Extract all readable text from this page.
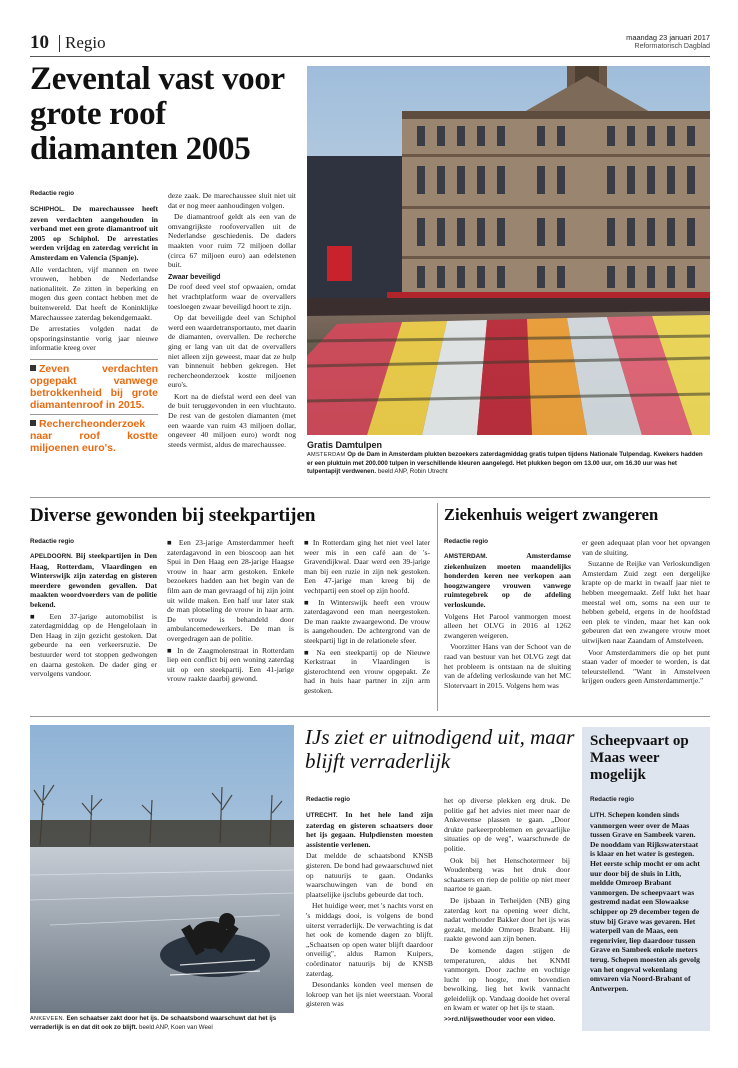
10 Regio	maandag 23 januari 2017
Reformatorisch Dagblad
Zevental vast voor grote roof diamanten 2005
Redactie regio

SCHIPHOL. De marechaussee heeft zeven verdachten aangehouden in verband met een grote diamantroof uit 2005 op Schiphol. De arrestaties werden vrijdag en zaterdag verricht in Amsterdam en Valencia (Spanje).

Alle verdachten, vijf mannen en twee vrouwen, hebben de Nederlandse nationaliteit. Ze zitten in beperking en mogen dus geen contact hebben met de buitenwereld. Dat heeft de Koninklijke Marechaussee zaterdag bekendgemaakt.

De arrestaties volgden nadat de opsporingsinstantie vorig jaar nieuwe informatie kreeg over

Zeven verdachten opgepakt vanwege betrokkenheid bij grote diamantenroof in 2015.
Rechercheonderzoek naar roof kostte miljoenen euro's.

deze zaak. De marechaussee sluit niet uit dat er nog meer aanhoudingen volgen.

De diamantroof geldt als een van de omvangrijkste roofovervallen uit de Nederlandse geschiedenis. De daders maakten voor ruim 72 miljoen dollar (circa 67 miljoen euro) aan edelstenen buit.

Zwaar beveiligd

De roof deed veel stof opwaaien, omdat het vrachtplatform waar de overvallers toesloegen zwaar beveiligd hoort te zijn.

Op dat beveiligde deel van Schiphol werd een waardetransportauto, met daarin de diamanten, overvallen. De recherche ging er lang van uit dat de overvallers niet alleen zijn geweest, maar dat ze hulp van binnenuit hebben gekregen. Het rechercheonderzoek kostte miljoenen euro's.

Kort na de diefstal werd een deel van de buit teruggevonden in een vluchtauto. De rest van de gestolen diamanten (met een waarde van ruim 43 miljoen dollar, ongeveer 40 miljoen euro) wordt nog steeds vermist, aldus de marechaussee.	Gratis Damtulpen
AMSTERDAM Op de Dam in Amsterdam plukten bezoekers zaterdagmiddag gratis tulpen tijdens Nationale Tulpendag. Kwekers hadden er een pluktuin met 200.000 tulpen in verschillende kleuren aangelegd. Het plukken begon om 13.00 uur, om 16.30 uur was het tulpentapijt verdwenen. beeld ANP, Robin Utrecht
Diverse gewonden bij steekpartijen
Redactie regio

APELDOORN. Bij steekpartijen in Den Haag, Rotterdam, Vlaardingen en Winterswijk zijn zaterdag en gisteren meerdere gewonden gevallen. Dat maakten woordvoerders van de politie bekend.

■ Een 37-jarige automobilist is zaterdagmiddag op de Hengelolaan in Den Haag in zijn gezicht gestoken. Dat gebeurde na een verkeersruzie. De bestuurder werd tot stoppen gedwongen en daarna gestoken. De dader ging er vervolgens vandoor.

■ Een 23-jarige Amsterdammer heeft zaterdagavond in een bioscoop aan het Spui in Den Haag een 28-jarige Haagse vrouw in haar arm gestoken. Enkele bezoekers hadden aan het begin van de film aan de man gevraagd of hij zijn joint uit wilde maken. Een half uur later stak de man plotseling de vrouw in haar arm. De vrouw is behandeld door ambulancemedewerkers. De man is overgedragen aan de politie.

■ In de Zaagmolenstraat in Rotterdam liep een conflict bij een woning zaterdag uit op een steekpartij. Een 41-jarige vrouw raakte daarbij gewond.

■ In Rotterdam ging het niet veel later weer mis in een café aan de 's-Gravendijkwal. Daar werd een 39-jarige man bij een ruzie in zijn nek gestoken. Een 47-jarige man kreeg bij de vechtpartij een stoel op zijn hoofd.

■ In Winterswijk heeft een vrouw zaterdagavond een man neergestoken. De man raakte zwaargewond. De vrouw is aangehouden. De achtergrond van de steekpartij ligt in de relationele sfeer.

■ Na een steekpartij op de Nieuwe Kerkstraat in Vlaardingen is gisterochtend een vrouw opgepakt. Ze had in huis haar partner in zijn arm gestoken.

Ziekenhuis weigert zwangeren
Redactie regio

AMSTERDAM.	Amsterdamse ziekenhuizen moeten maandelijks honderden keren nee verkopen aan hoogzwangere vrouwen vanwege ruimtegebrek op de afdeling verloskunde.

Volgens Het Parool vanmorgen moest alleen het OLVG in 2016 al 1262 zwangeren weigeren.

Voorzitter Hans van der Schoot van de raad van bestuur van het OLVG zegt dat het probleem is ontstaan na de sluiting van de afdeling verloskunde van het MC Slotervaart in 2015. Volgens hem was

er geen adequaat plan voor het opvangen van de sluiting.

Suzanne de Reijke van Verloskundigen Amsterdam Zuid zegt een dergelijke krapte op de markt in twaalf jaar niet te hebben meegemaakt. Zelf lukt het haar meestal wel om, soms na een uur te hebben gebeld, ergens in de hoofdstad een plek te vinden, maar het kan ook gebeuren dat een zwangere vrouw moet uitwijken naar Zaandam of Amstelveen.

Voor Amsterdammers die op het punt staan vader of moeder te worden, is dat teleurstellend. "Want in Amstelveen krijgen ouders geen Amsterdammertje."

ANKEVEEN. Een schaatser zakt door het ijs. De schaatsbond waarschuwt dat het ijs verraderlijk is en dat dit ook zo blijft. beeld ANP, Koen van Weel
IJs ziet er uitnodigend uit, maar blijft verraderlijk
Redactie regio

UTRECHT. In het hele land zijn zaterdag en gisteren schaatsers door het ijs gegaan. Hulpdiensten moesten assistentie verlenen.

Dat meldde de schaatsbond KNSB gisteren. De bond had gewaarschuwd niet op natuurijs te gaan. Ondanks waarschuwingen van de bond en plaatselijke ijsclubs gebeurde dat toch.

Het huidige weer, met 's nachts vorst en 's middags dooi, is volgens de bond uiterst verraderlijk. De verwachting is dat het ook de komende dagen zo blijft. „Schaatsen op open water blijft daardoor onveilig", aldus Ramon Kuipers, coördinator natuurijs bij de KNSB zaterdag.

Desondanks konden veel mensen de lokroep van het ijs niet weerstaan. Vooral gisteren was

het op diverse plekken erg druk. De politie gaf het advies niet meer naar de Ankeveense plassen te gaan. „Door drukte parkeerproblemen en gevaarlijke situaties op de weg", waarschuwde de politie.

Ook bij het Henschotermeer bij Woudenberg was het druk door schaatsers en riep de politie op niet meer naartoe te gaan.

De ijsbaan in Terheijden (NB) ging zaterdag kort na opening weer dicht, nadat wethouder Bakker door het ijs was gezakt, meldde Omroep Brabant. Hij raakte gewond aan zijn benen.

De komende dagen stijgen de temperaturen, aldus het KNMI vanmorgen. Door zachte en vochtige lucht op hoogte, met bovendien bewolking, lieg het kwik vannacht geleidelijk op. Vandaag dooide het overal en kwam er water op het ijs te staan.

>>rd.nl/ijswethouder voor een video.
Scheepvaart op Maas weer mogelijk
Redactie regio
LITH. Schepen konden sinds vanmorgen weer over de Maas tussen Grave en Sambeek varen. De nooddam van Rijkswaterstaat is klaar en het water is gestegen. Het eerste schip mocht er om acht uur door bij de sluis in Lith, meldde Omroep Brabant vanmorgen. De scheepvaart was gestremd nadat een Slowaakse schipper op 29 december tegen de stuw bij Grave was gevaren. Het waterpeil van de Maas, een regenrivier, liep daardoor tussen Grave en Sambeek enkele meters terug. Schepen moesten als gevolg van het ongeval wekenlang omvaren via Noord-Brabant of Antwerpen.
